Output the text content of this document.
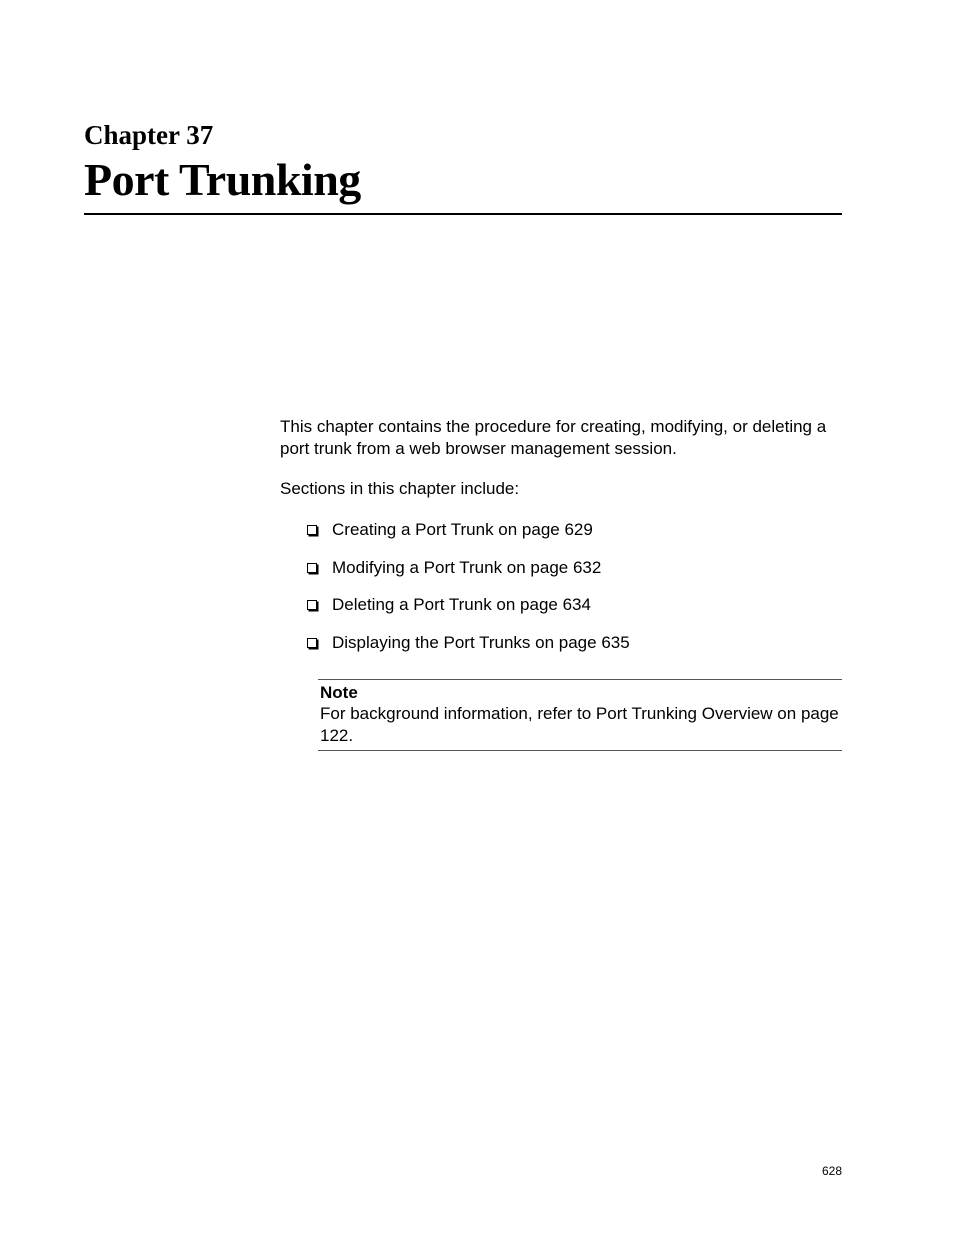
Chapter 37

Port Trunking

This chapter contains the procedure for creating, modifying, or deleting a port trunk from a web browser management session.

Sections in this chapter include:

Creating a Port Trunk on page 629
Modifying a Port Trunk on page 632
Deleting a Port Trunk on page 634
Displaying the Port Trunks on page 635

Note

For background information, refer to Port Trunking Overview on page 122.

628
